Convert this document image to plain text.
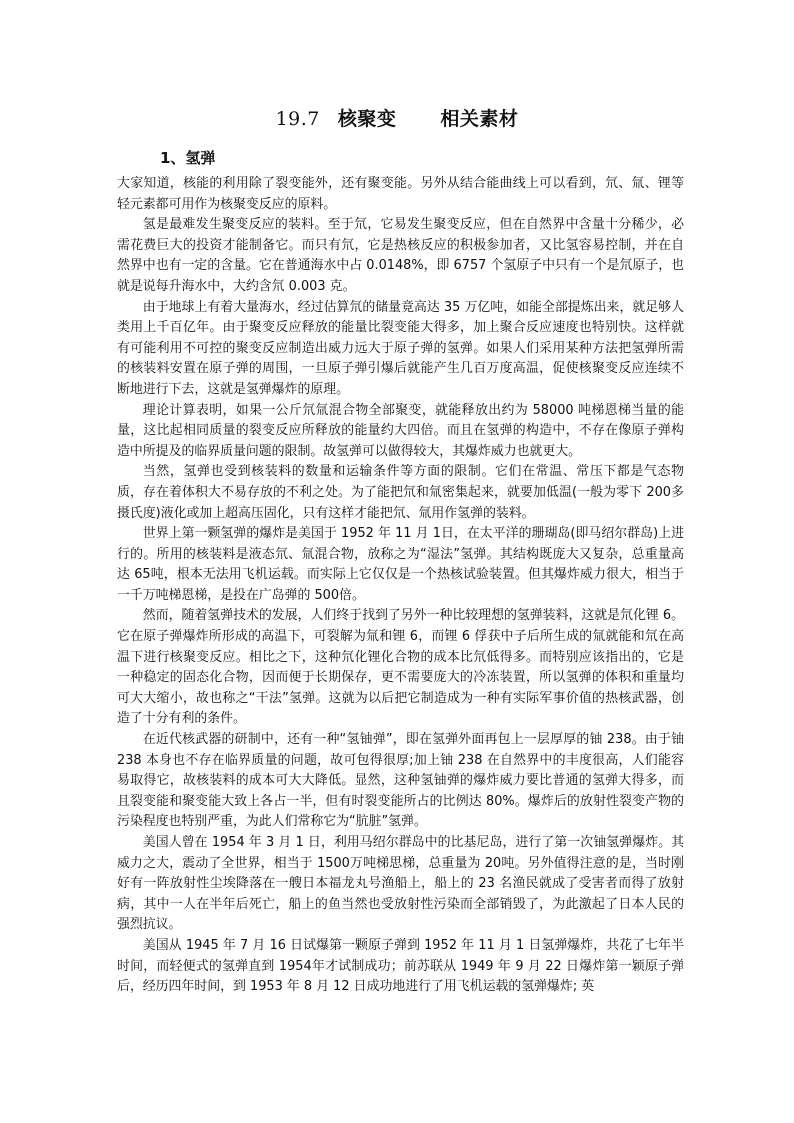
19.7 核聚变 相关素材
1、氢弹

大家知道，核能的利用除了裂变能外，还有聚变能。另外从结合能曲线上可以看到，氘、氚、锂等轻元素都可用作为核聚变反应的原料。

氢是最难发生聚变反应的装料。至于氘，它易发生聚变反应，但在自然界中含量十分稀少，必需花费巨大的投资才能制备它。而只有氘，它是热核反应的积极参加者，又比氢容易控制，并在自然界中也有一定的含量。它在普通海水中占 0.0148%，即 6757 个氢原子中只有一个是氘原子，也就是说每升海水中，大约含氘 0.003 克。

由于地球上有着大量海水，经过估算氘的储量竟高达 35 万亿吨，如能全部提炼出来，就足够人类用上千百亿年。由于聚变反应释放的能量比裂变能大得多，加上聚合反应速度也特别快。这样就有可能利用不可控的聚变反应制造出威力远大于原子弹的氢弹。如果人们采用某种方法把氢弹所需的核装料安置在原子弹的周围，一旦原子弹引爆后就能产生几百万度高温，促使核聚变反应连续不断地进行下去，这就是氢弹爆炸的原理。

理论计算表明，如果一公斤氘氚混合物全部聚变，就能释放出约为 58000 吨梯恩梯当量的能量，这比起相同质量的裂变反应所释放的能量约大四倍。而且在氢弹的构造中，不存在像原子弹构造中所提及的临界质量问题的限制。故氢弹可以做得较大，其爆炸威力也就更大。

当然，氢弹也受到核装料的数量和运输条件等方面的限制。它们在常温、常压下都是气态物质，存在着体积大不易存放的不利之处。为了能把氘和氚密集起来，就要加低温(一般为零下 200多摄氏度)液化或加上超高压固化，只有这样才能把氘、氚用作氢弹的装料。

世界上第一颗氢弹的爆炸是美国于 1952 年 11 月 1日，在太平洋的珊瑚岛(即马绍尔群岛)上进行的。所用的核装料是液态氘、氚混合物，放称之为“湿法”氢弹。其结构既庞大又复杂，总重量高达 65吨，根本无法用飞机运载。而实际上它仅仅是一个热核试验装置。但其爆炸威力很大，相当于一千万吨梯恩梯，是投在广岛弹的 500倍。

然而，随着氢弹技术的发展，人们终于找到了另外一种比较理想的氢弹装料，这就是氘化锂 6。它在原子弹爆炸所形成的高温下，可裂解为氚和锂 6，而锂 6 俘获中子后所生成的氚就能和氘在高温下进行核聚变反应。相比之下，这种氘化锂化合物的成本比氘低得多。而特别应该指出的，它是一种稳定的固态化合物，因而便于长期保存，更不需要庞大的冷冻装置，所以氢弹的体积和重量均可大大缩小，故也称之“干法”氢弹。这就为以后把它制造成为一种有实际军事价值的热核武器，创造了十分有利的条件。

在近代核武器的研制中，还有一种“氢铀弹”，即在氢弹外面再包上一层厚厚的铀 238。由于铀 238 本身也不存在临界质量的问题，故可包得很厚;加上铀 238 在自然界中的丰度很高，人们能容易取得它，故核装料的成本可大大降低。显然，这种氢铀弹的爆炸威力要比普通的氢弹大得多，而且裂变能和聚变能大致上各占一半，但有时裂变能所占的比例达 80%。爆炸后的放射性裂变产物的污染程度也特别严重，为此人们常称它为“肮脏”氢弹。

美国人曾在 1954 年 3 月 1 日，利用马绍尔群岛中的比基尼岛，进行了第一次铀氢弹爆炸。其威力之大，震动了全世界，相当于 1500万吨梯思梯，总重量为 20吨。另外值得注意的是，当时刚好有一阵放射性尘埃降落在一艘日本福龙丸号渔船上，船上的 23 名渔民就成了受害者而得了放射病，其中一人在半年后死亡，船上的鱼当然也受放射性污染而全部销毁了，为此激起了日本人民的强烈抗议。

美国从 1945 年 7 月 16 日试爆第一颗原子弹到 1952 年 11 月 1 日氢弹爆炸，共花了七年半时间，而轻便式的氢弹直到 1954年才试制成功；前苏联从 1949 年 9 月 22 日爆炸第一颖原子弹后，经历四年时间，到 1953 年 8 月 12 日成功地进行了用飞机运载的氢弹爆炸; 英
